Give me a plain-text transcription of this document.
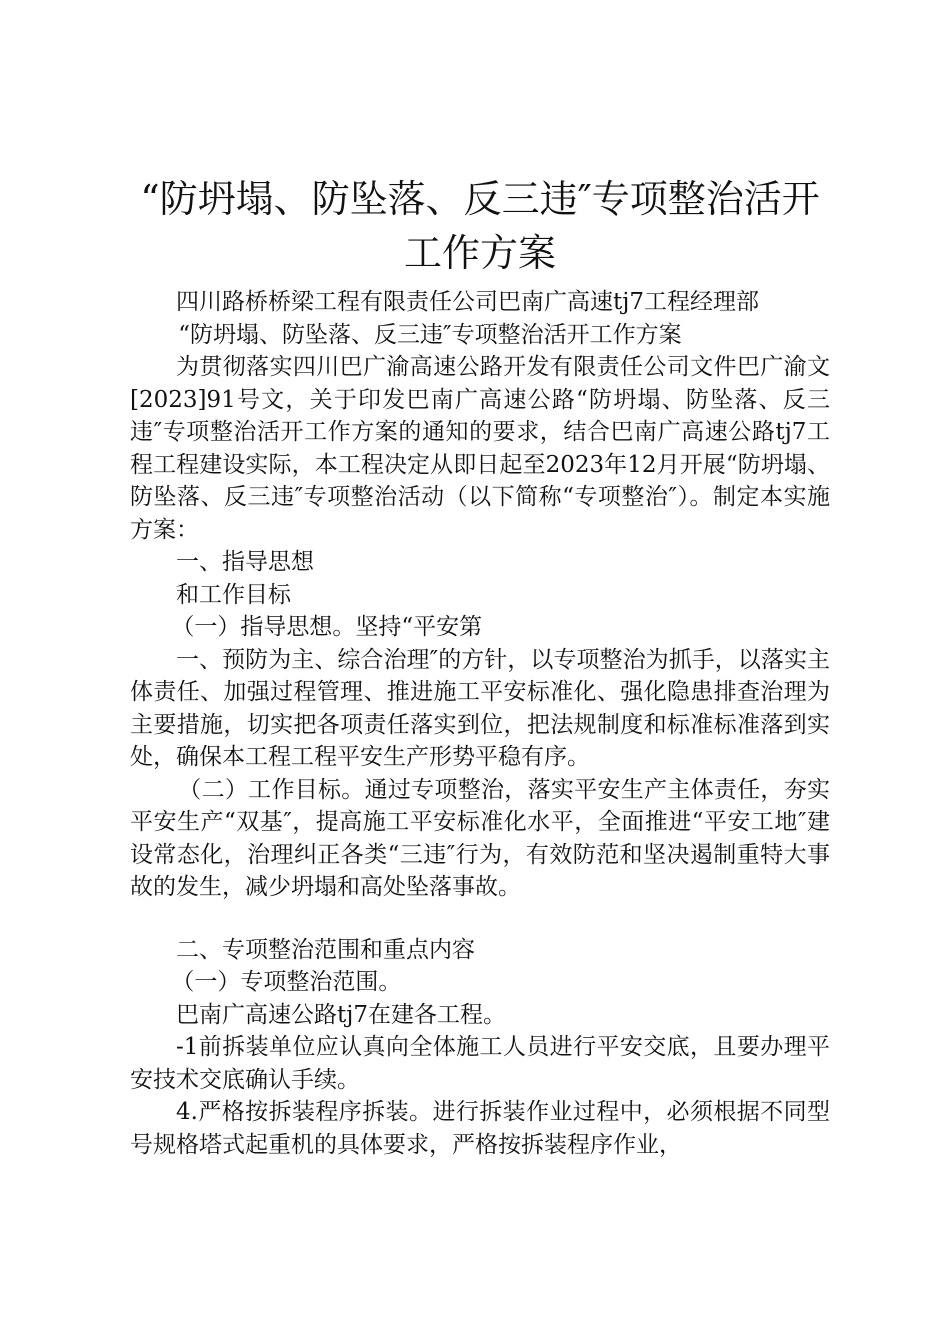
“防坍塌、防坠落、反三违″专项整治活开工作方案

四川路桥桥梁工程有限责任公司巴南广高速tj7工程经理部

“防坍塌、防坠落、反三违″专项整治活开工作方案

为贯彻落实四川巴广渝高速公路开发有限责任公司文件巴广渝文[2023]91号文，关于印发巴南广高速公路“防坍塌、防坠落、反三违″专项整治活开工作方案的通知的要求，结合巴南广高速公路tj7工程工程建设实际，本工程决定从即日起至2023年12月开展“防坍塌、防坠落、反三违″专项整治活动（以下简称“专项整治″）。制定本实施方案：

一、指导思想

和工作目标

（一）指导思想。坚持“平安第

一、预防为主、综合治理″的方针，以专项整治为抓手，以落实主体责任、加强过程管理、推进施工平安标准化、强化隐患排查治理为主要措施，切实把各项责任落实到位，把法规制度和标准标准落到实处，确保本工程工程平安生产形势平稳有序。

（二）工作目标。通过专项整治，落实平安生产主体责任，夯实平安生产“双基″，提高施工平安标准化水平，全面推进“平安工地″建设常态化，治理纠正各类“三违″行为，有效防范和坚决遏制重特大事故的发生，减少坍塌和高处坠落事故。

二、专项整治范围和重点内容

（一）专项整治范围。

巴南广高速公路tj7在建各工程。

-1前拆装单位应认真向全体施工人员进行平安交底，且要办理平安技术交底确认手续。

4.严格按拆装程序拆装。进行拆装作业过程中，必须根据不同型号规格塔式起重机的具体要求，严格按拆装程序作业，
